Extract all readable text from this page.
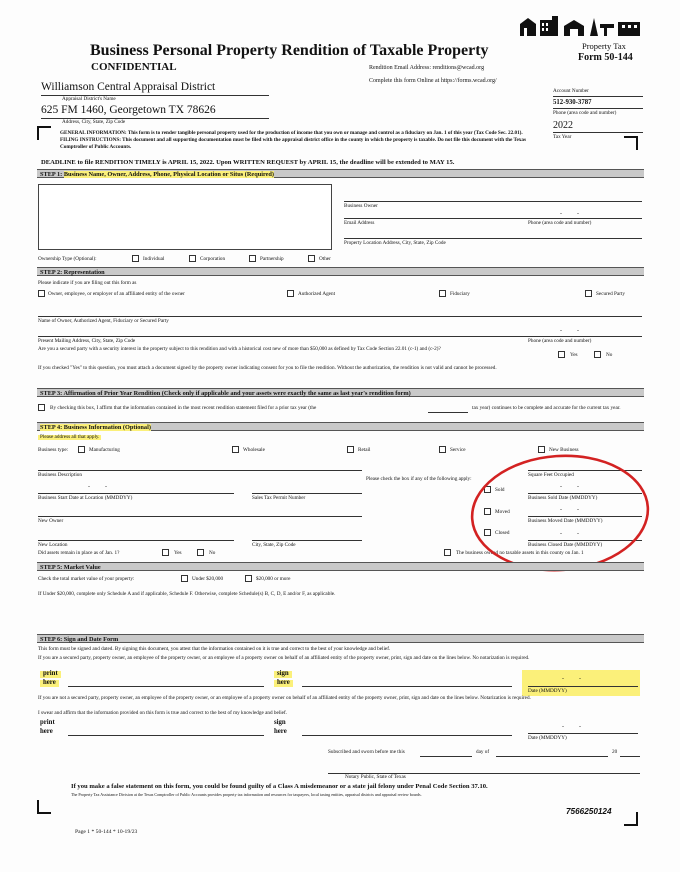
Business Personal Property Rendition of Taxable Property
CONFIDENTIAL
Property Tax
Form 50-144
Rendition Email Address: renditions@wcad.org
Complete this form Online at https://forms.wcad.org/
Williamson Central Appraisal District
Appraisal District's Name
625 FM 1460, Georgetown TX 78626
Address, City, State, Zip Code
Account Number
512-930-3787
Phone (area code and number)
2022
Tax Year
GENERAL INFORMATION: This form is to render tangible personal property used for the production of income that you own or manage and control as a fiduciary on Jan. 1 of this year (Tax Code Sec. 22.01). FILING INSTRUCTIONS: This document and all supporting documentation must be filed with the appraisal district office in the county in which the property is taxable. Do not file this document with the Texas Comptroller of Public Accounts.
DEADLINE to file RENDITION TIMELY is APRIL 15, 2022. Upon WRITTEN REQUEST by APRIL 15, the deadline will be extended to MAY 15.
STEP 1: Business Name, Owner, Address, Phone, Physical Location or Situs (Required)
Business Owner
Email Address	Phone (area code and number)
-          -
Property Location Address, City, State, Zip Code
Ownership Type (Optional):	Individual	Corporation	Partnership	Other
STEP 2: Representation
Please indicate if you are filing out this form as
Owner, employee, or employer of an affiliated entity of the owner	Authorized Agent	Fiduciary	Secured Party
Name of Owner, Authorized Agent, Fiduciary or Secured Party
Present Mailing Address, City, State, Zip Code	Phone (area code and number)
-          -
Are you a secured party with a security interest in the property subject to this rendition and with a historical cost new of more than $50,000 as defined by Tax Code Section 22.01 (c-1) and (c-2)?
Yes	No
If you checked "Yes" to this question, you must attach a document signed by the property owner indicating consent for you to file the rendition. Without the authorization, the rendition is not valid and cannot be processed.
STEP 3: Affirmation of Prior Year Rendition (Check only if applicable and your assets were exactly the same as last year's rendition form)
By checking this box, I affirm that the information contained in the most recent rendition statement filed for a prior tax year (the	tax year) continues to be complete and accurate for the current tax year.
STEP 4: Business Information (Optional)
Please address all that apply.
Business type:	Manufacturing	Wholesale	Retail	Service	New Business
Business Description
Please check the box if any of the following apply:
Square Feet Occupied
-          -
Business Start Date at Location (MMDDYY)	Sales Tax Permit Number
Sold	-          -
Business Sold Date (MMDDYY)
New Owner
Moved	-          -
Business Moved Date (MMDDYY)
New Location	City, State, Zip Code
Closed	-          -
Business Closed Date (MMDDYY)
Did assets remain in place as of Jan. 1?	Yes	No	The business owned no taxable assets in this county on Jan. 1
STEP 5: Market Value
Check the total market value of your property:	Under $20,000	$20,000 or more
If Under $20,000, complete only Schedule A and if applicable, Schedule F. Otherwise, complete Schedule(s) B, C, D, E and/or F, as applicable.
STEP 6: Sign and Date Form
This form must be signed and dated. By signing this document, you attest that the information contained on it is true and correct to the best of your knowledge and belief.
If you are a secured party, property owner, an employee of the property owner, or an employee of a property owner on behalf of an affiliated entity of the property owner, print, sign and date on the lines below. No notarization is required.
print
here
sign
here	-          -
Date (MMDDYY)
If you are not a secured party, property owner, an employee of the property owner, or an employee of a property owner on behalf of an affiliated entity of the property owner, print, sign and date on the lines below. Notarization is required.
I swear and affirm that the information provided on this form is true and correct to the best of my knowledge and belief.
print
here
sign
here
-          -
Date (MMDDYY)
Subscribed and sworn before me this	day of	20
Notary Public, State of Texas
If you make a false statement on this form, you could be found guilty of a Class A misdemeanor or a state jail felony under Penal Code Section 37.10.
The Property Tax Assistance Division at the Texas Comptroller of Public Accounts provides property tax information and resources for taxpayers, local taxing entities, appraisal districts and appraisal review boards.
7566250124
Page 1 * 50-144 * 10-19/23
